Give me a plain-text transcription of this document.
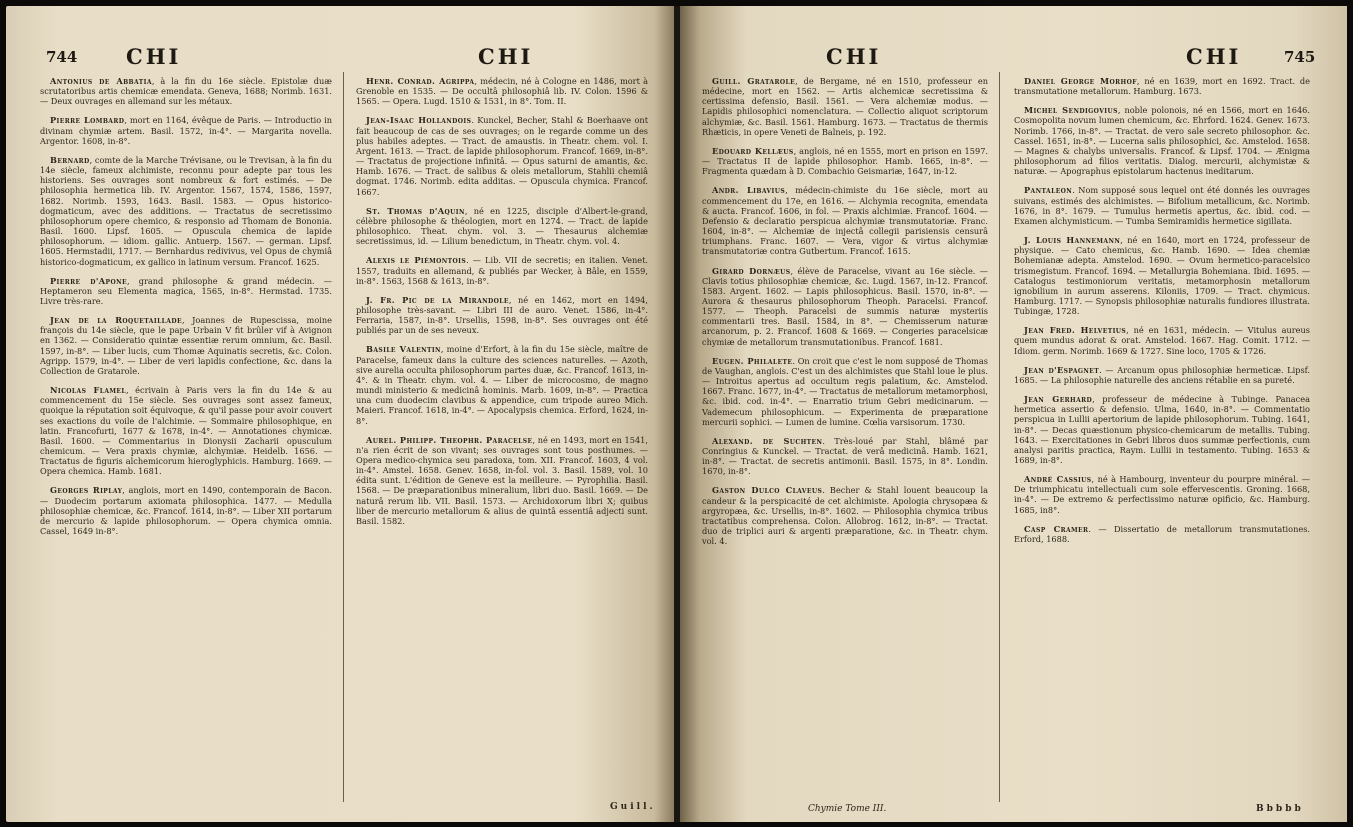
744 CHI	CHI

Antonius de Abbatia, à la fin du 16e siècle. Epistolæ duæ scrutatoribus artis chemicæ emendata. Geneva, 1688; Norimb. 1631. — Deux ouvrages en allemand sur les métaux.

Pierre Lombard, mort en 1164, évêque de Paris. — Introductio in divinam chymiæ artem. Basil. 1572, in-4°. — Margarita novella. Argentor. 1608, in-8°.

Bernard, comte de la Marche Trévisane, ou le Trevisan, à la fin du 14e siècle, fameux alchimiste, reconnu pour adepte par tous les historiens. Ses ouvrages sont nombreux & fort estimés. — De philosophia hermetica lib. IV. Argentor. 1567, 1574, 1586, 1597, 1682. Norimb. 1593, 1643. Basil. 1583. — Opus historico-dogmaticum, avec des additions. — Tractatus de secretissimo philosophorum opere chemico, & responsio ad Thomam de Bononia. Basil. 1600. Lipsf. 1605. — Opuscula chemica de lapide philosophorum. — idiom. gallic. Antuerp. 1567. — german. Lipsf. 1605. Hermstadii, 1717. — Bernhardus redivivus, vel Opus de chymiâ historico-dogmaticum, ex gallico in latinum versum. Francof. 1625.

Pierre d'Apone, grand philosophe & grand médecin. — Heptameron seu Elementa magica, 1565, in-8°. Hermstad. 1735. Livre très-rare.

Jean de la Roquetaillade, Joannes de Rupescissa, moine françois du 14e siècle, que le pape Urbain V fit brûler vif à Avignon en 1362. — Consideratio quintæ essentiæ rerum omnium, &c. Basil. 1597, in-8°. — Liber lucis, cum Thomæ Aquinatis secretis, &c. Colon. Agripp. 1579, in-4°. — Liber de veri lapidis confectione, &c. dans la Collection de Gratarole.

Nicolas Flamel, écrivain à Paris vers la fin du 14e & au commencement du 15e siècle. Ses ouvrages sont assez fameux, quoique la réputation soit équivoque, & qu'il passe pour avoir couvert ses exactions du voile de l'alchimie. — Sommaire philosophique, en latin. Francofurti, 1677 & 1678, in-4°. — Annotationes chymicæ. Basil. 1600. — Commentarius in Dionysii Zacharii opusculum chemicum. — Vera praxis chymiæ, alchymiæ. Heidelb. 1656. — Tractatus de figuris alchemicorum hieroglyphicis. Hamburg. 1669. — Opera chemica. Hamb. 1681.

Georges Riplay, anglois, mort en 1490, contemporain de Bacon. — Duodecim portarum axiomata philosophica. 1477. — Medulla philosophiæ chemicæ, &c. Francof. 1614, in-8°. — Liber XII portarum de mercurio & lapide philosophorum. — Opera chymica omnia. Cassel, 1649 in-8°.

Henr. Conrad. Agrippa, médecin, né à Cologne en 1486, mort à Grenoble en 1535. — De occultâ philosophiâ lib. IV. Colon. 1596 & 1565. — Opera. Lugd. 1510 & 1531, in 8°. Tom. II.

Jean-Isaac Hollandois. Kunckel, Becher, Stahl & Boerhaave ont fait beaucoup de cas de ses ouvrages; on le regarde comme un des plus habiles adeptes. — Tract. de amaustis. in Theatr. chem. vol. I. Argent. 1613. — Tract. de lapide philosophorum. Francof. 1669, in-8°. — Tractatus de projectione infinitâ. — Opus saturni de amantis, &c. Hamb. 1676. — Tract. de salibus & oleis metallorum, Stahlii chemiâ dogmat. 1746. Norimb. edita additas. — Opuscula chymica. Francof. 1667.

St. Thomas d'Aquin, né en 1225, disciple d'Albert-le-grand, célèbre philosophe & théologien, mort en 1274. — Tract. de lapide philosophico. Theat. chym. vol. 3. — Thesaurus alchemiæ secretissimus, id. — Lilium benedictum, in Theatr. chym. vol. 4.

Alexis le Piémontois. — Lib. VII de secretis; en italien. Venet. 1557, traduits en allemand, & publiés par Wecker, à Bâle, en 1559, in-8°. 1563, 1568 & 1613, in-8°.

J. Fr. Pic de la Mirandole, né en 1462, mort en 1494, philosophe très-savant. — Libri III de auro. Venet. 1586, in-4°. Ferraria, 1587, in-8°. Ursellis, 1598, in-8°. Ses ouvrages ont été publiés par un de ses neveux.

Basile Valentin, moine d'Erfort, à la fin du 15e siècle, maître de Paracelse, fameux dans la culture des sciences naturelles. — Azoth, sive aurelia occulta philosophorum partes duæ, &c. Francof. 1613, in-4°. & in Theatr. chym. vol. 4. — Liber de microcosmo, de magno mundi ministerio & medicinâ hominis. Marb. 1609, in-8°. — Practica una cum duodecim clavibus & appendice, cum tripode aureo Mich. Maieri. Francof. 1618, in-4°. — Apocalypsis chemica. Erford, 1624, in-8°.

Aurel. Philipp. Theophr. Paracelse, né en 1493, mort en 1541, n'a rien écrit de son vivant; ses ouvrages sont tous posthumes. — Opera medico-chymica seu paradoxa, tom. XII. Francof. 1603, 4 vol. in-4°. Amstel. 1658. Genev. 1658, in-fol. vol. 3. Basil. 1589, vol. 10 édita sunt. L'édition de Geneve est la meilleure. — Pyrophilia. Basil. 1568. — De præparationibus mineralium, libri duo. Basil. 1669. — De naturâ rerum lib. VII. Basil. 1573. — Archidoxorum libri X; quibus liber de mercurio metallorum & alius de quintâ essentiâ adjecti sunt. Basil. 1582.

Guill.
CHI	CHI	745

Guill. Gratarole, de Bergame, né en 1510, professeur en médecine, mort en 1562. — Artis alchemicæ secretissima & certissima defensio, Basil. 1561. — Vera alchemiæ modus. — Lapidis philosophici nomenclatura. — Collectio aliquot scriptorum alchymiæ, &c. Basil. 1561. Hamburg. 1673. — Tractatus de thermis Rhæticis, in opere Veneti de Balneis, p. 192.

Edouard Kellæus, anglois, né en 1555, mort en prison en 1597. — Tractatus II de lapide philosophor. Hamb. 1665, in-8°. — Fragmenta quædam à D. Combachio Geismariæ, 1647, in-12.

Andr. Libavius, médecin-chimiste du 16e siècle, mort au commencement du 17e, en 1616. — Alchymia recognita, emendata & aucta. Francof. 1606, in fol. — Praxis alchimiæ. Francof. 1604. — Defensio & declaratio perspicua alchymiæ transmutatoriæ. Franc. 1604, in-8°. — Alchemiæ de injectâ collegii parisiensis censurâ triumphans. Franc. 1607. — Vera, vigor & virtus alchymiæ transmutatoriæ contra Gutbertum. Francof. 1615.

Girard Dornæus, élève de Paracelse, vivant au 16e siècle. — Clavis totius philosophiæ chemicæ, &c. Lugd. 1567, in-12. Francof. 1583. Argent. 1602. — Lapis philosophicus. Basil. 1570, in-8°. — Aurora & thesaurus philosophorum Theoph. Paracelsi. Francof. 1577. — Theoph. Paracelsi de summis naturæ mysteriis commentarii tres. Basil. 1584, in 8°. — Chemisserum naturæ arcanorum, p. 2. Francof. 1608 & 1669. — Congeries paracelsicæ chymiæ de metallorum transmutationibus. Francof. 1681.

Eugen. Philalete. On croit que c'est le nom supposé de Thomas de Vaughan, anglois. C'est un des alchimistes que Stahl loue le plus. — Introitus apertus ad occultum regis palatium, &c. Amstelod. 1667. Franc. 1677, in-4°. — Tractatus de metallorum metamorphosi, &c. ibid. cod. in-4°. — Enarratio trium Gebri medicinarum. — Vademecum philosophicum. — Experimenta de præparatione mercurii sophici. — Lumen de lumine. Cœlia varsisorum. 1730.

Alexand. de Suchten. Très-loué par Stahl, blâmé par Conringius & Kunckel. — Tractat. de verâ medicinâ. Hamb. 1621, in-8°. — Tractat. de secretis antimonii. Basil. 1575, in 8°. Londin. 1670, in-8°.

Gaston Dulco Claveus. Becher & Stahl louent beaucoup la candeur & la perspicacité de cet alchimiste. Apologia chrysopæa & argyropæa, &c. Ursellis, in-8°. 1602. — Philosophia chymica tribus tractatibus comprehensa. Colon. Allobrog. 1612, in-8°. — Tractat. duo de triplici auri & argenti præparatione, &c. in Theatr. chym. vol. 4.

Chymie Tome III.

Daniel George Morhof, né en 1639, mort en 1692. Tract. de transmutatione metallorum. Hamburg. 1673.

Michel Sendigovius, noble polonois, né en 1566, mort en 1646. Cosmopolita novum lumen chemicum, &c. Ehrford. 1624. Genev. 1673. Norimb. 1766, in-8°. — Tractat. de vero sale secreto philosophor. &c. Cassel. 1651, in-8°. — Lucerna salis philosophici, &c. Amstelod. 1658. — Magnes & chalybs universalis. Francof. & Lipsf. 1704. — Ænigma philosophorum ad filios veritatis. Dialog. mercurii, alchymistæ & naturæ. — Apographus epistolarum hactenus ineditarum.

Pantaleon. Nom supposé sous lequel ont été donnés les ouvrages suivans, estimés des alchimistes. — Bifolium metallicum, &c. Norimb. 1676, in 8°. 1679. — Tumulus hermetis apertus, &c. ibid. cod. — Examen alchymisticum. — Tumba Semiramidis hermetice sigillata.

J. Louis Hannemann, né en 1640, mort en 1724, professeur de physique. — Cato chemicus, &c. Hamb. 1690. — Idea chemiæ Bohemianæ adepta. Amstelod. 1690. — Ovum hermetico-paracelsico trismegistum. Francof. 1694. — Metallurgia Bohemiana. Ibid. 1695. — Catalogus testimoniorum veritatis, metamorphosin metallorum ignobilium in aurum asserens. Kiloniis, 1709. — Tract. chymicus. Hamburg. 1717. — Synopsis philosophiæ naturalis fundiores illustrata. Tubingæ, 1728.

Jean Fred. Helvetius, né en 1631, médecin. — Vitulus aureus quem mundus adorat & orat. Amstelod. 1667. Hag. Comit. 1712. — Idiom. germ. Norimb. 1669 & 1727. Sine loco, 1705 & 1726.

Jean d'Espagnet. — Arcanum opus philosophiæ hermeticæ. Lipsf. 1685. — La philosophie naturelle des anciens rétablie en sa pureté.

Jean Gerhard, professeur de médecine à Tubinge. Panacea hermetica assertio & defensio. Ulma, 1640, in-8°. — Commentatio perspicua in Lullii apertorium de lapide philosophorum. Tubing. 1641, in-8°. — Decas quæstionum physico-chemicarum de metallis. Tubing. 1643. — Exercitationes in Gebri libros duos summæ perfectionis, cum analysi paritis practica, Raym. Lullii in testamento. Tubing. 1653 & 1689, in-8°.

André Cassius, né à Hambourg, inventeur du pourpre minéral. — De triumphicatu intellectuali cum sole effervescentis. Groning. 1668, in-4°. — De extremo & perfectissimo naturæ opificio, &c. Hamburg. 1685, in8°.

Casp Cramer. — Dissertatio de metallorum transmutationes. Erford, 1688.

Bbbbb
